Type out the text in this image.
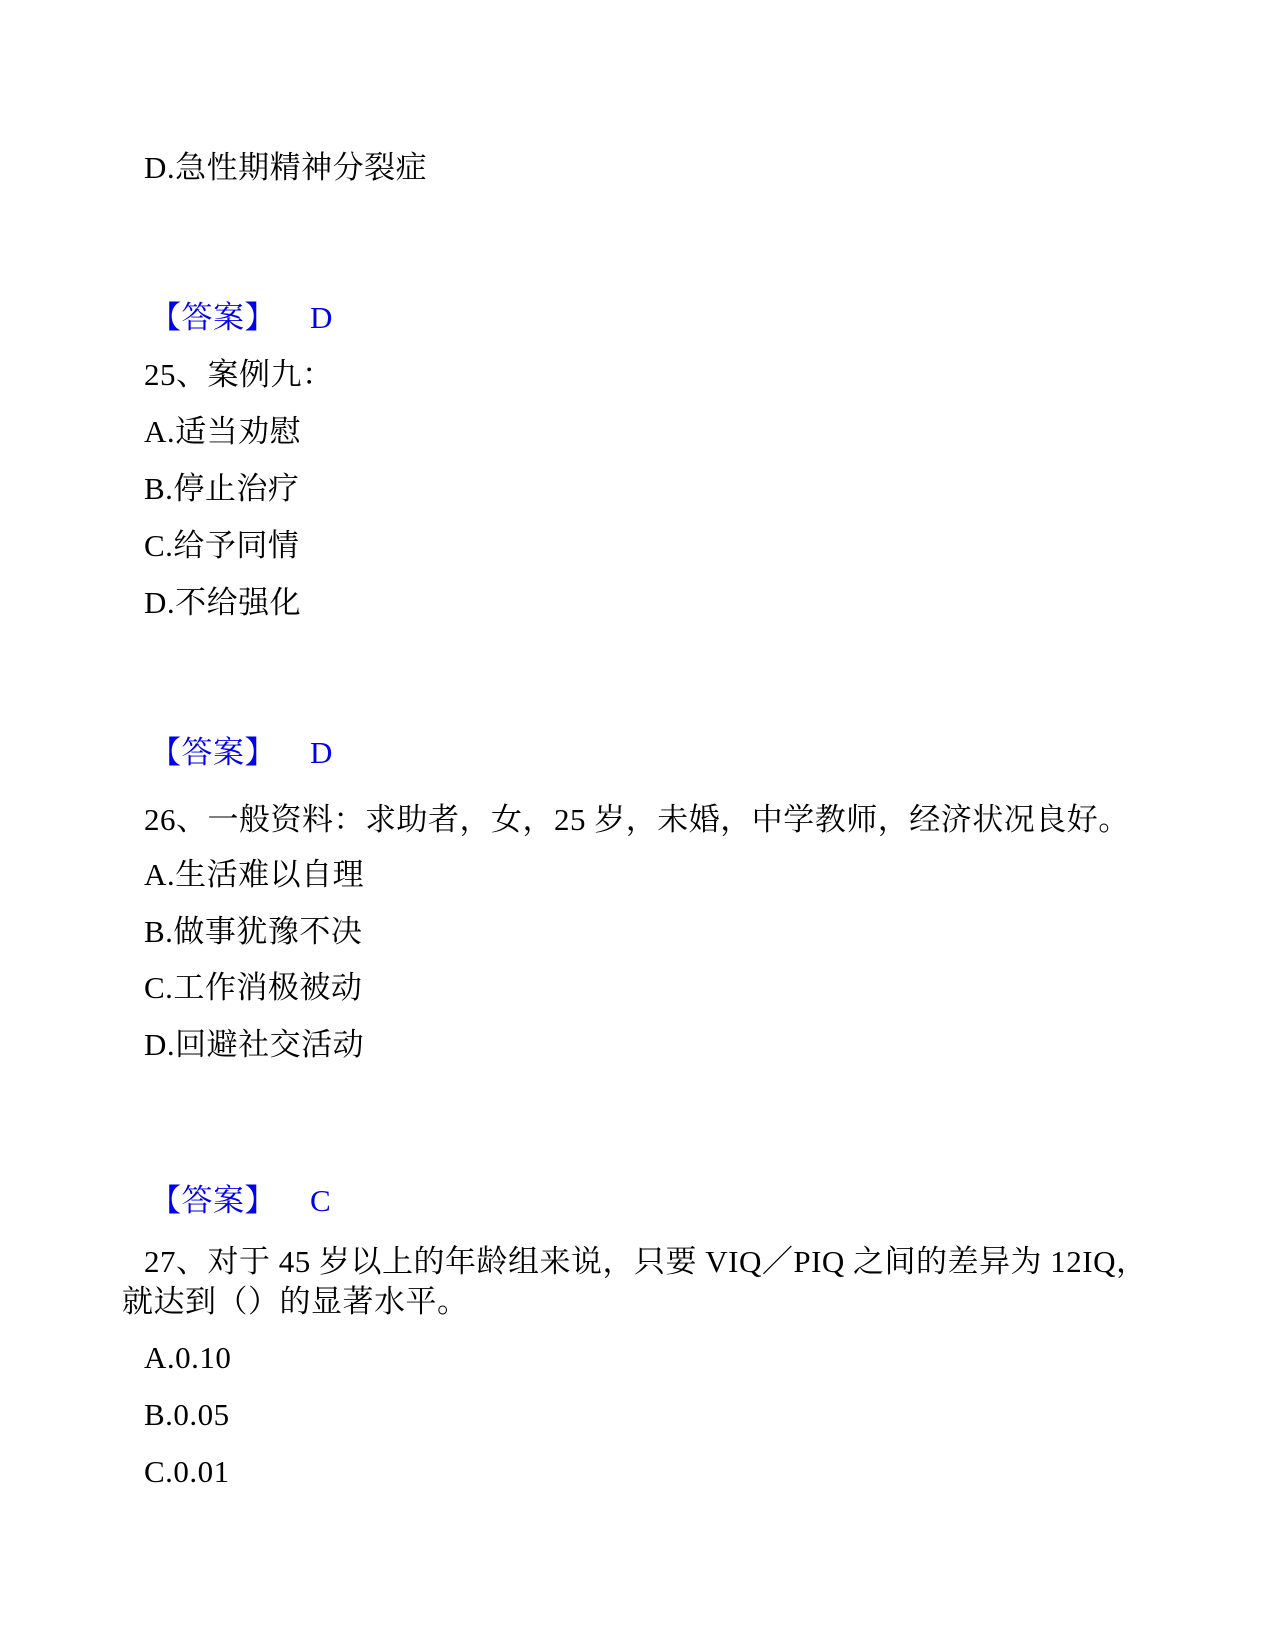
D.急性期精神分裂症
【答案】 D
25、案例九：
A.适当劝慰
B.停止治疗
C.给予同情
D.不给强化
【答案】 D
26、一般资料：求助者，女，25 岁，未婚，中学教师，经济状况良好。
A.生活难以自理
B.做事犹豫不决
C.工作消极被动
D.回避社交活动
【答案】 C
27、对于 45 岁以上的年龄组来说，只要 VIQ／PIQ 之间的差异为 12IQ，就达到（）的显著水平。
A.0.10
B.0.05
C.0.01
